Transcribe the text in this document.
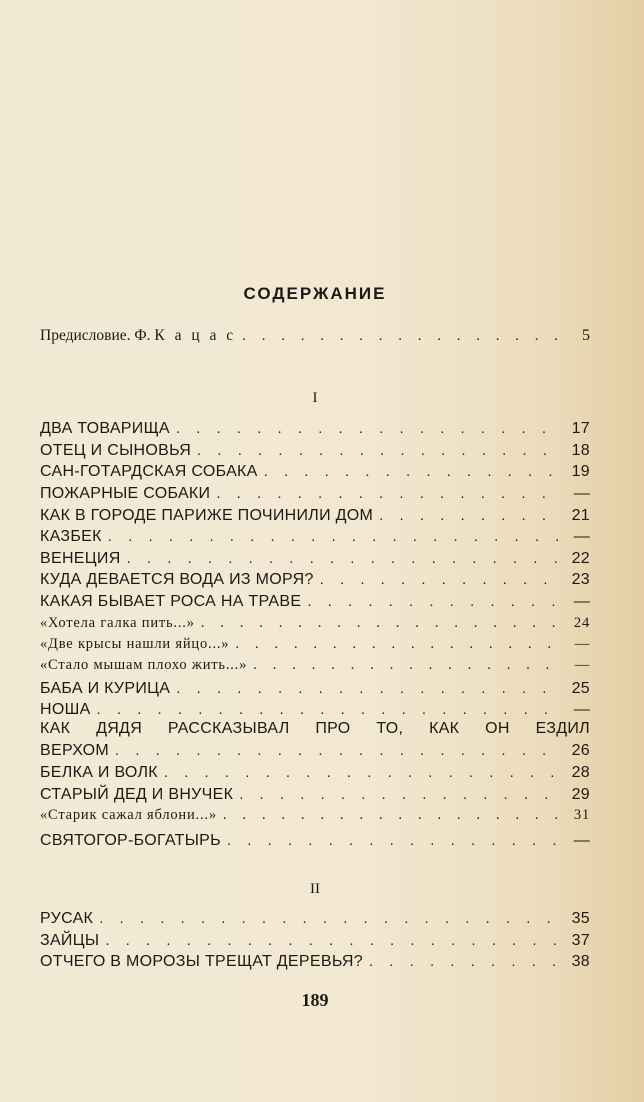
СОДЕРЖАНИЕ
Предисловие. Ф. К а ц а с . . .	5
I
ДВА ТОВАРИЩА . . .	17
ОТЕЦ И СЫНОВЬЯ . . .	18
САН-ГОТАРДСКАЯ СОБАКА . . .	19
ПОЖАРНЫЕ СОБАКИ . . .	—
КАК В ГОРОДЕ ПАРИЖЕ ПОЧИНИЛИ ДОМ . . .	21
КАЗБЕК . . .	—
ВЕНЕЦИЯ . . .	22
КУДА ДЕВАЕТСЯ ВОДА ИЗ МОРЯ? . . .	23
КАКАЯ БЫВАЕТ РОСА НА ТРАВЕ . . .	—
«Хотела галка пить...» . . .	24
«Две крысы нашли яйцо...» . . .	—
«Стало мышам плохо жить...» . . .	—
БАБА И КУРИЦА . . .	25
НОША . . .	—
КАК ДЯДЯ РАССКАЗЫВАЛ ПРО ТО, КАК ОН ЕЗДИЛ
ВЕРХОМ . . .	26
БЕЛКА И ВОЛК . . .	28
СТАРЫЙ ДЕД И ВНУЧЕК . . .	29
«Старик сажал яблони...» . . .	31
СВЯТОГОР-БОГАТЫРЬ . . .	—
II
РУСАК . . .	35
ЗАЙЦЫ . . .	37
ОТЧЕГО В МОРОЗЫ ТРЕЩАТ ДЕРЕВЬЯ? . . .	38
189
